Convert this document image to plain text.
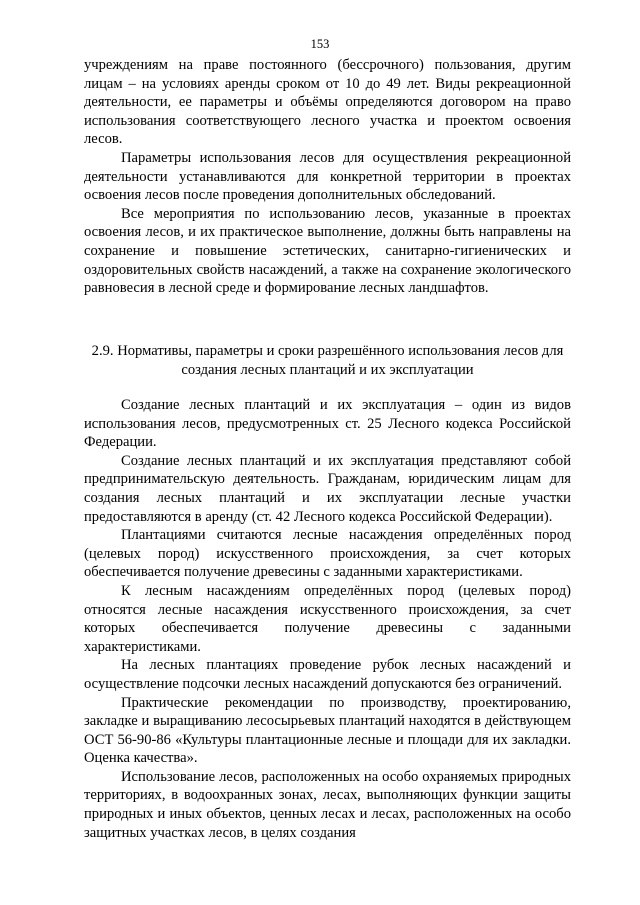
153

учреждениям на праве постоянного (бессрочного) пользования, другим лицам – на условиях аренды сроком от 10 до 49 лет. Виды рекреационной деятельности, ее параметры и объёмы определяются договором на право использования соответствующего лесного участка и проектом освоения лесов.

Параметры использования лесов для осуществления рекреационной деятельности устанавливаются для конкретной территории в проектах освоения лесов после проведения дополнительных обследований.

Все мероприятия по использованию лесов, указанные в проектах освоения лесов, и их практическое выполнение, должны быть направлены на сохранение и повышение эстетических, санитарно-гигиенических и оздоровительных свойств насаждений, а также на сохранение экологического равновесия в лесной среде и формирование лесных ландшафтов.

2.9. Нормативы, параметры и сроки разрешённого использования лесов для
создания лесных плантаций и их эксплуатации

Создание лесных плантаций и их эксплуатация – один из видов использования лесов, предусмотренных ст. 25 Лесного кодекса Российской Федерации.

Создание лесных плантаций и их эксплуатация представляют собой предпринимательскую деятельность. Гражданам, юридическим лицам для создания лесных плантаций и их эксплуатации лесные участки предоставляются в аренду (ст. 42 Лесного кодекса Российской Федерации).

Плантациями считаются лесные насаждения определённых пород (целевых пород) искусственного происхождения, за счет которых обеспечивается получение древесины с заданными характеристиками.

К лесным насаждениям определённых пород (целевых пород) относятся лесные насаждения искусственного происхождения, за счет которых обеспечивается получение древесины с заданными характеристиками.

На лесных плантациях проведение рубок лесных насаждений и осуществление подсочки лесных насаждений допускаются без ограничений.

Практические рекомендации по производству, проектированию, закладке и выращиванию лесосырьевых плантаций находятся в действующем ОСТ 56-90-86 «Культуры плантационные лесные и площади для их закладки. Оценка качества».

Использование лесов, расположенных на особо охраняемых природных территориях, в водоохранных зонах, лесах, выполняющих функции защиты природных и иных объектов, ценных лесах и лесах, расположенных на особо защитных участках лесов, в целях создания
